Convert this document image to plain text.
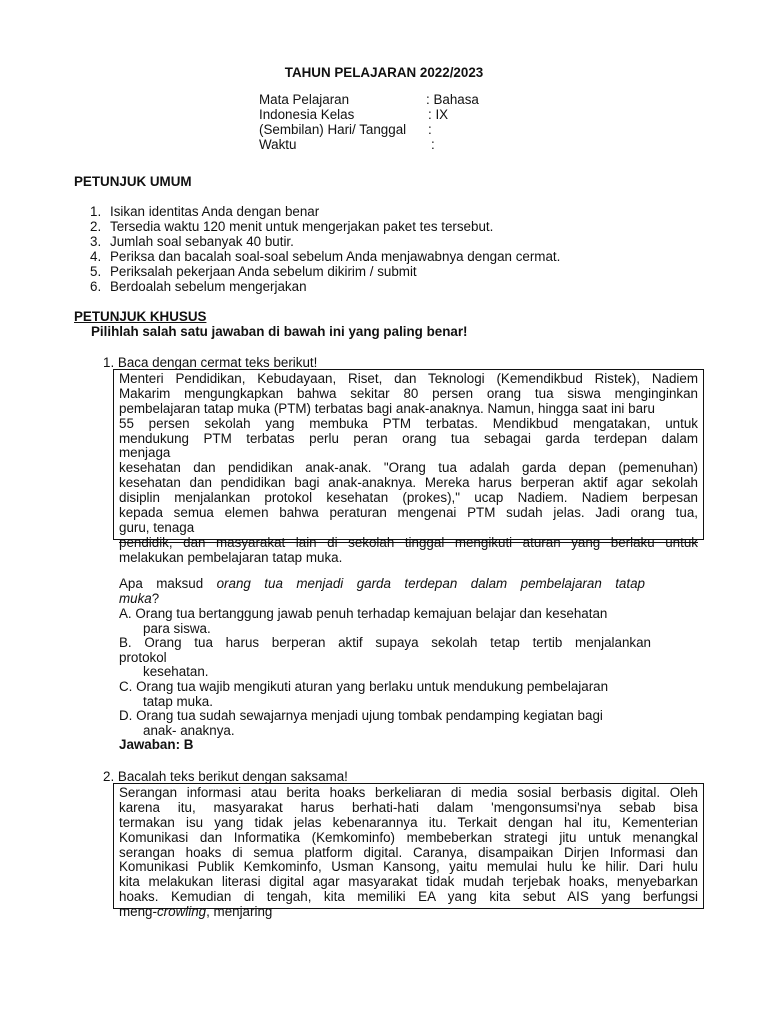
TAHUN PELAJARAN 2022/2023
Mata Pelajaran	: Bahasa
Indonesia Kelas	: IX
(Sembilan) Hari/ Tanggal :
Waktu	:
PETUNJUK UMUM
1. Isikan identitas Anda dengan benar
2. Tersedia waktu 120 menit untuk mengerjakan paket tes tersebut.
3. Jumlah soal sebanyak 40 butir.
4. Periksa dan bacalah soal-soal sebelum Anda menjawabnya dengan cermat.
5. Periksalah pekerjaan Anda sebelum dikirim / submit
6. Berdoalah sebelum mengerjakan
PETUNJUK KHUSUS
Pilihlah salah satu jawaban di bawah ini yang paling benar!
1. Baca dengan cermat teks berikut!
Menteri Pendidikan, Kebudayaan, Riset, dan Teknologi (Kemendikbud Ristek), Nadiem
Makarim mengungkapkan bahwa sekitar 80 persen orang tua siswa menginginkan
pembelajaran tatap muka (PTM) terbatas bagi anak-anaknya. Namun, hingga saat ini baru
55 persen sekolah yang membuka PTM terbatas. Mendikbud mengatakan, untuk
mendukung PTM terbatas perlu peran orang tua sebagai garda terdepan dalam
menjaga
kesehatan dan pendidikan anak-anak. "Orang tua adalah garda depan (pemenuhan)
kesehatan dan pendidikan bagi anak-anaknya. Mereka harus berperan aktif agar sekolah
disiplin menjalankan protokol kesehatan (prokes)," ucap Nadiem. Nadiem berpesan
kepada semua elemen bahwa peraturan mengenai PTM sudah jelas. Jadi orang tua,
guru, tenaga
pendidik, dan masyarakat lain di sekolah tinggal mengikuti aturan yang berlaku untuk
melakukan pembelajaran tatap muka.
Apa maksud orang tua menjadi garda terdepan dalam pembelajaran tatap
muka?
A. Orang tua bertanggung jawab penuh terhadap kemajuan belajar dan kesehatan
para siswa.
B. Orang tua harus berperan aktif supaya sekolah tetap tertib menjalankan
protokol
kesehatan.
C. Orang tua wajib mengikuti aturan yang berlaku untuk mendukung pembelajaran
tatap muka.
D. Orang tua sudah sewajarnya menjadi ujung tombak pendamping kegiatan bagi
anak- anaknya.
Jawaban: B
2. Bacalah teks berikut dengan saksama!
Serangan informasi atau berita hoaks berkeliaran di media sosial berbasis digital. Oleh
karena itu, masyarakat harus berhati-hati dalam 'mengonsumsi'nya sebab bisa
termakan isu yang tidak jelas kebenarannya itu. Terkait dengan hal itu, Kementerian
Komunikasi dan Informatika (Kemkominfo) membeberkan strategi jitu untuk menangkal
serangan hoaks di semua platform digital. Caranya, disampaikan Dirjen Informasi dan
Komunikasi Publik Kemkominfo, Usman Kansong, yaitu memulai hulu ke hilir. Dari hulu
kita melakukan literasi digital agar masyarakat tidak mudah terjebak hoaks, menyebarkan
hoaks. Kemudian di tengah, kita memiliki EA yang kita sebut AIS yang berfungsi
meng-crowling, menjaring
